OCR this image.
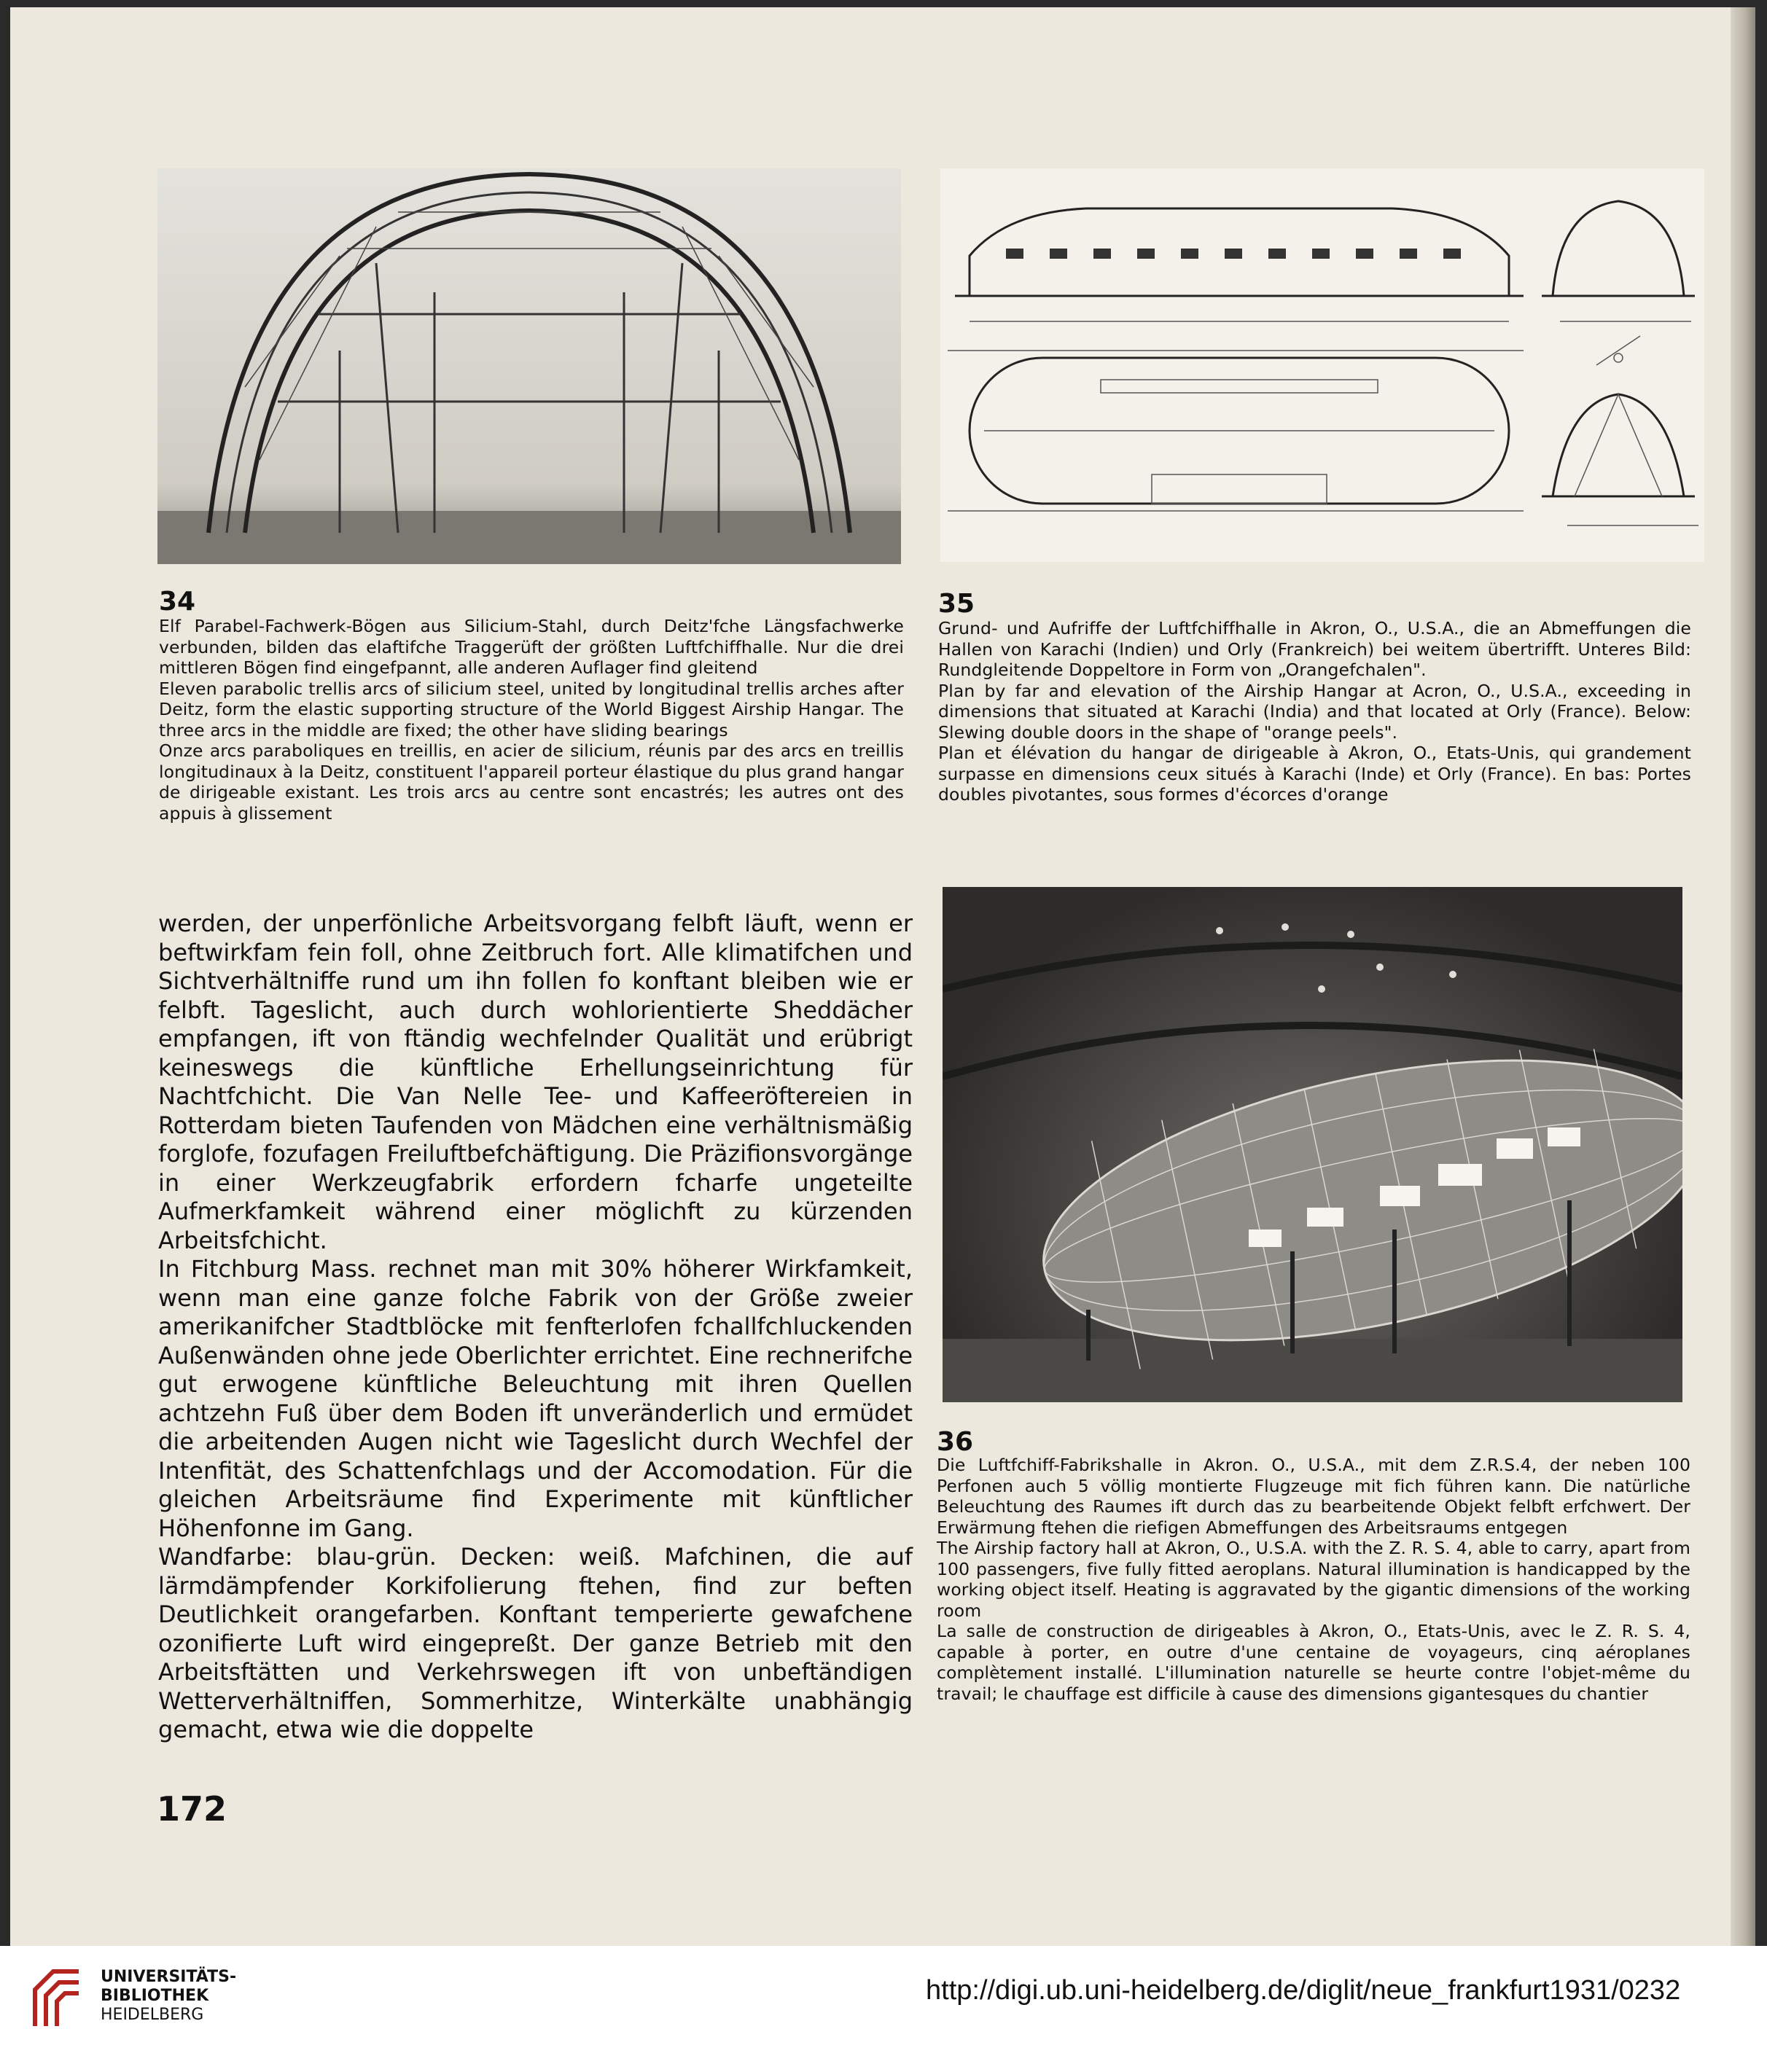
34

Elf Parabel-Fachwerk-Bögen aus Silicium-Stahl, durch Deitz'fche Längsfachwerke verbunden, bilden das elaftifche Traggerüft der größten Luftfchiffhalle. Nur die drei mittleren Bögen find eingefpannt, alle anderen Auflager find gleitend

Eleven parabolic trellis arcs of silicium steel, united by longitudinal trellis arches after Deitz, form the elastic supporting structure of the World Biggest Airship Hangar. The three arcs in the middle are fixed; the other have sliding bearings

Onze arcs paraboliques en treillis, en acier de silicium, réunis par des arcs en treillis longitudinaux à la Deitz, constituent l'appareil porteur élastique du plus grand hangar de dirigeable existant. Les trois arcs au centre sont encastrés; les autres ont des appuis à glissement

35

Grund- und Aufriffe der Luftfchiffhalle in Akron, O., U.S.A., die an Abmeffungen die Hallen von Karachi (Indien) und Orly (Frankreich) bei weitem übertrifft. Unteres Bild: Rundgleitende Doppeltore in Form von „Orangefchalen".

Plan by far and elevation of the Airship Hangar at Acron, O., U.S.A., exceeding in dimensions that situated at Karachi (India) and that located at Orly (France). Below: Slewing double doors in the shape of "orange peels".

Plan et élévation du hangar de dirigeable à Akron, O., Etats-Unis, qui grandement surpasse en dimensions ceux situés à Karachi (Inde) et Orly (France). En bas: Portes doubles pivotantes, sous formes d'écorces d'orange

36

Die Luftfchiff-Fabrikshalle in Akron. O., U.S.A., mit dem Z.R.S.4, der neben 100 Perfonen auch 5 völlig montierte Flugzeuge mit fich führen kann. Die natürliche Beleuchtung des Raumes ift durch das zu bearbeitende Objekt felbft erfchwert. Der Erwärmung ftehen die riefigen Abmeffungen des Arbeitsraums entgegen

The Airship factory hall at Akron, O., U.S.A. with the Z. R. S. 4, able to carry, apart from 100 passengers, five fully fitted aeroplans. Natural illumination is handicapped by the working object itself. Heating is aggravated by the gigantic dimensions of the working room

La salle de construction de dirigeables à Akron, O., Etats-Unis, avec le Z. R. S. 4, capable à porter, en outre d'une centaine de voyageurs, cinq aéroplanes complètement installé. L'illumination naturelle se heurte contre l'objet-même du travail; le chauffage est difficile à cause des dimensions gigantesques du chantier

werden, der unperfönliche Arbeitsvorgang felbft läuft, wenn er beftwirkfam fein foll, ohne Zeitbruch fort. Alle klimatifchen und Sichtverhältniffe rund um ihn follen fo konftant bleiben wie er felbft. Tageslicht, auch durch wohlorientierte Sheddächer empfangen, ift von ftändig wechfelnder Qualität und erübrigt keineswegs die künftliche Erhellungseinrichtung für Nachtfchicht. Die Van Nelle Tee- und Kaffeeröftereien in Rotterdam bieten Taufenden von Mädchen eine verhältnismäßig forglofe, fozufagen Freiluftbefchäftigung. Die Präzifionsvorgänge in einer Werkzeugfabrik erfordern fcharfe ungeteilte Aufmerkfamkeit während einer möglichft zu kürzenden Arbeitsfchicht.

In Fitchburg Mass. rechnet man mit 30% höherer Wirkfamkeit, wenn man eine ganze folche Fabrik von der Größe zweier amerikanifcher Stadtblöcke mit fenfterlofen fchallfchluckenden Außenwänden ohne jede Oberlichter errichtet. Eine rechnerifche gut erwogene künftliche Beleuchtung mit ihren Quellen achtzehn Fuß über dem Boden ift unveränderlich und ermüdet die arbeitenden Augen nicht wie Tageslicht durch Wechfel der Intenfität, des Schattenfchlags und der Accomodation. Für die gleichen Arbeitsräume find Experimente mit künftlicher Höhenfonne im Gang.

Wandfarbe: blau-grün. Decken: weiß. Mafchinen, die auf lärmdämpfender Korkifolierung ftehen, find zur beften Deutlichkeit orangefarben. Konftant temperierte gewafchene ozonifierte Luft wird eingepreßt. Der ganze Betrieb mit den Arbeitsftätten und Verkehrswegen ift von unbeftändigen Wetterverhältniffen, Sommerhitze, Winterkälte unabhängig gemacht, etwa wie die doppelte

172
UNIVERSITÄTS-
BIBLIOTHEK
HEIDELBERG
http://digi.ub.uni-heidelberg.de/diglit/neue_frankfurt1931/0232
